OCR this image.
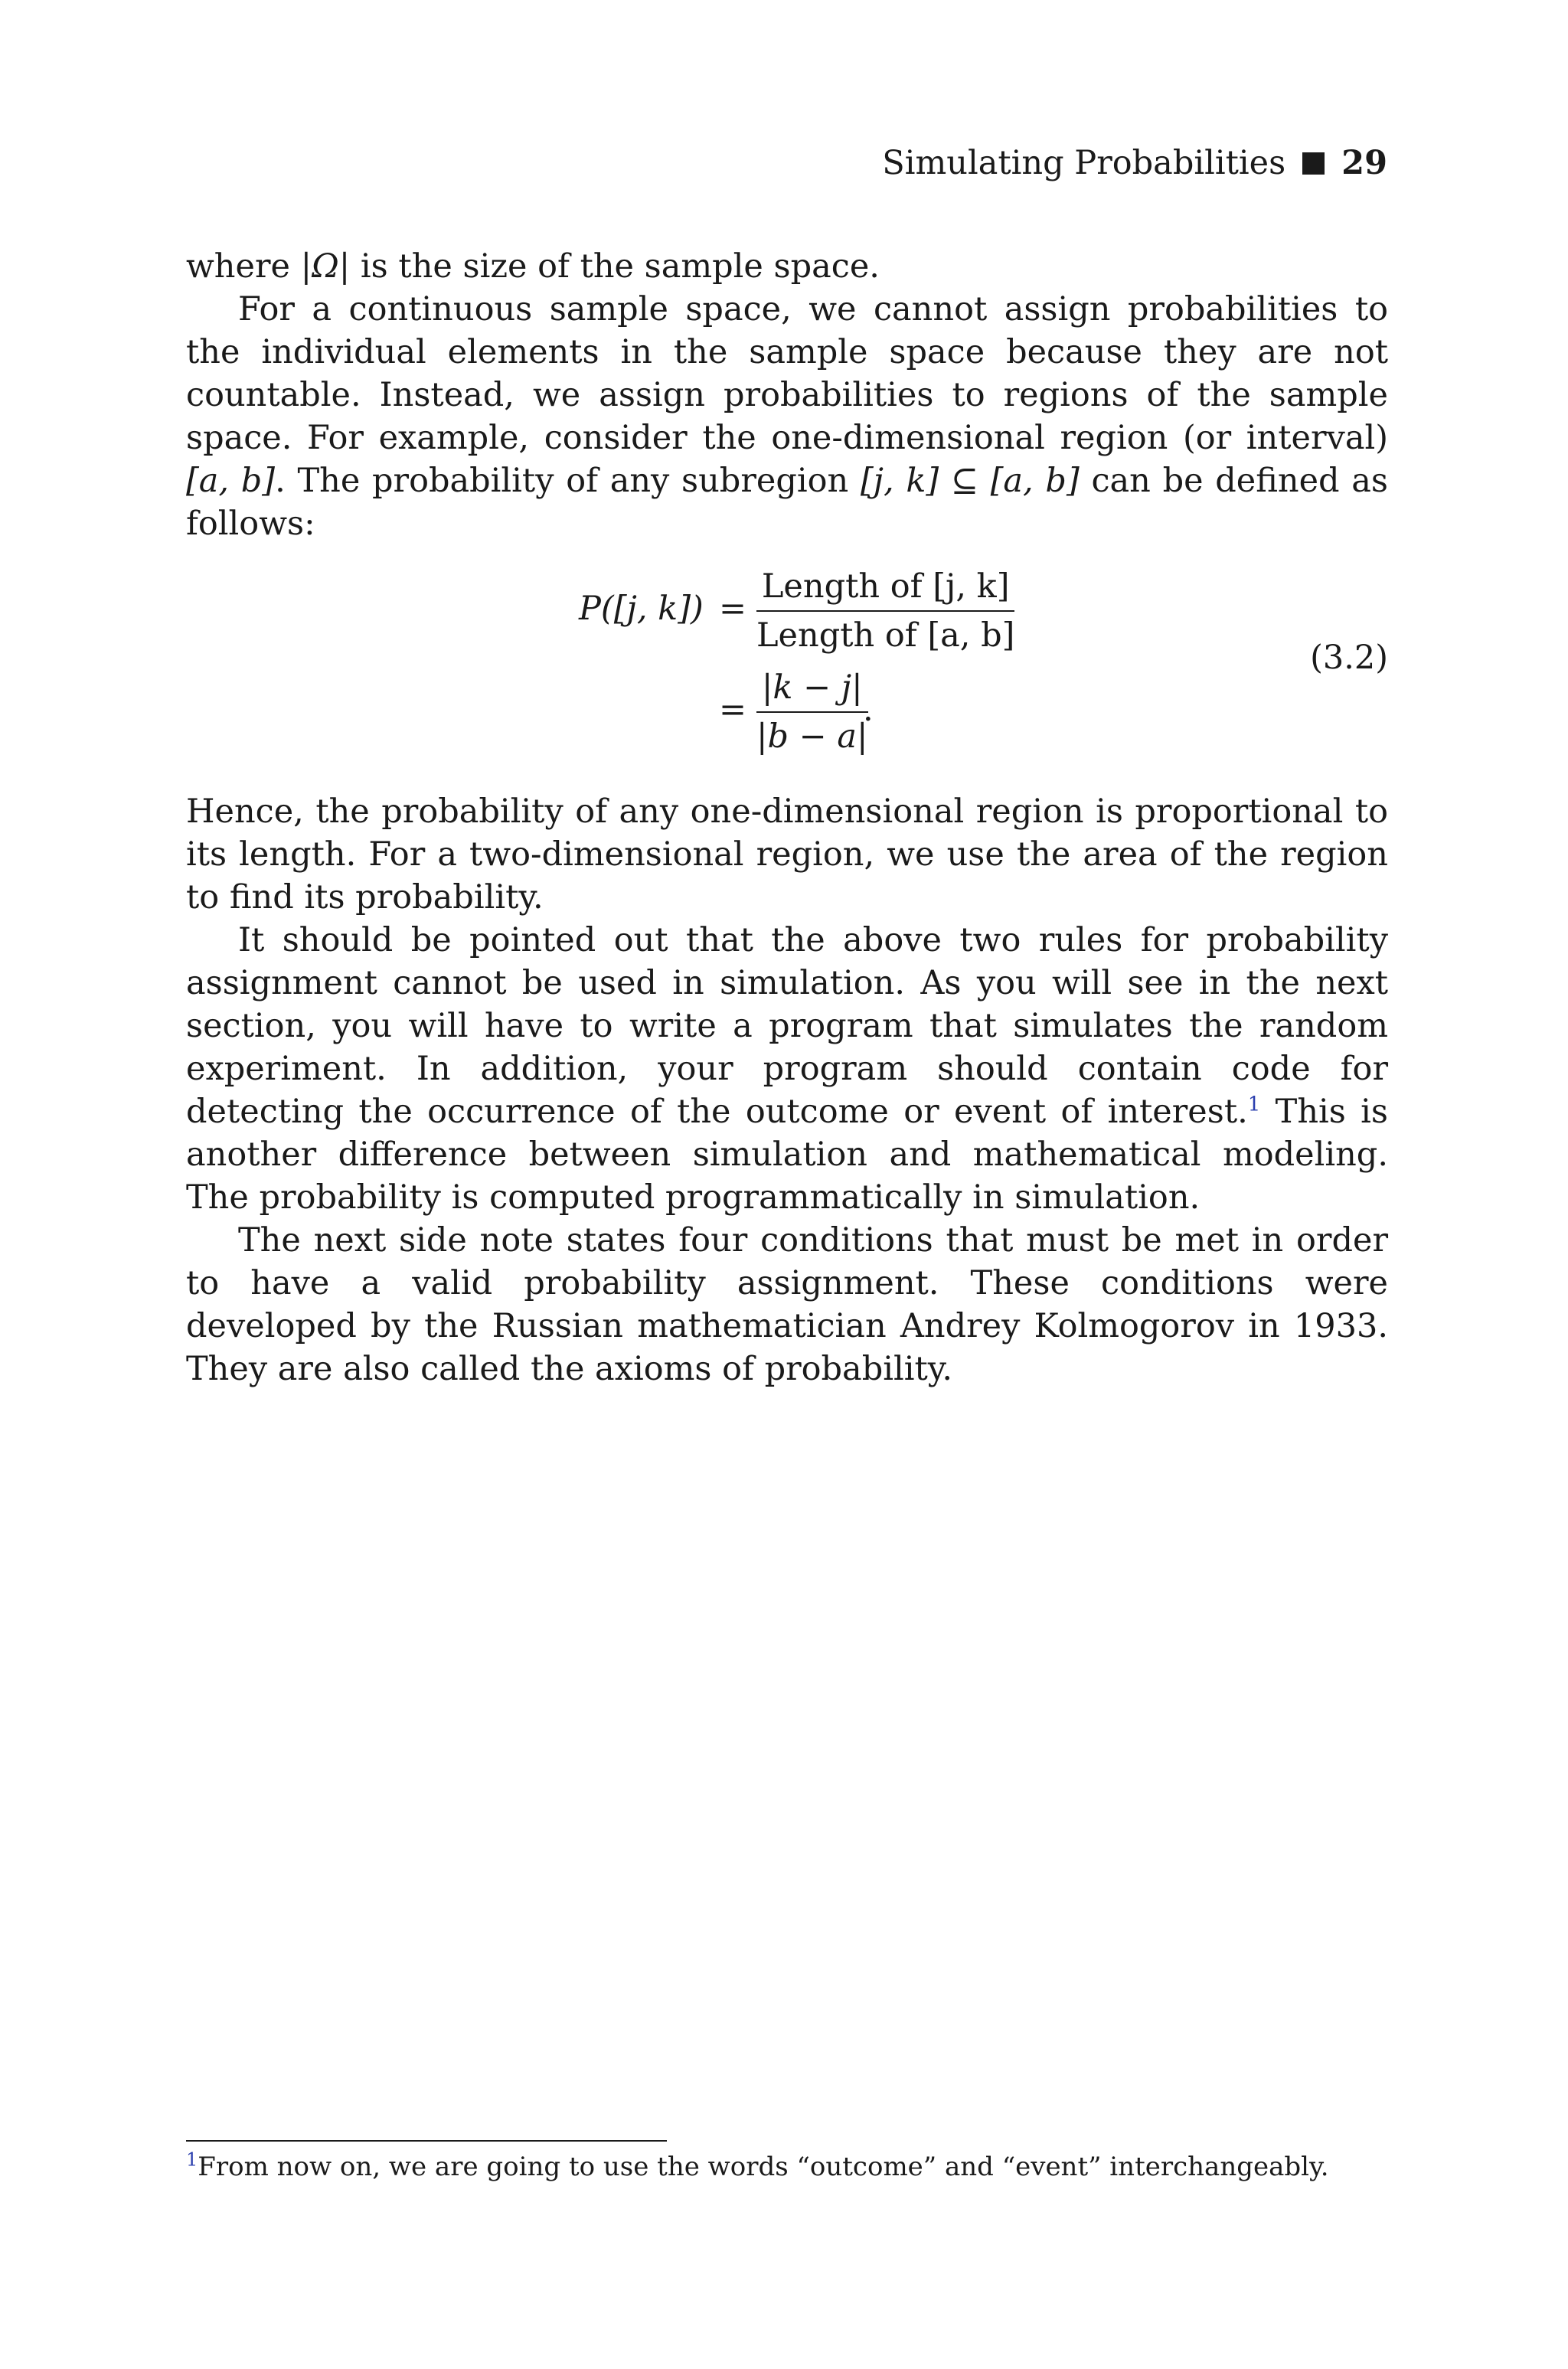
Simulating Probabilities 29

where |Ω| is the size of the sample space.

For a continuous sample space, we cannot assign probabilities to the individual elements in the sample space because they are not countable. Instead, we assign probabilities to regions of the sample space. For example, consider the one-dimensional region (or interval) [a, b]. The probability of any subregion [j, k] ⊆ [a, b] can be defined as follows:

P([j, k]) =
Length of [j, k]
Length of [a, b]
=
|k − j|
|b − a|
.
(3.2)

Hence, the probability of any one-dimensional region is proportional to its length. For a two-dimensional region, we use the area of the region to find its probability.

It should be pointed out that the above two rules for probability assignment cannot be used in simulation. As you will see in the next section, you will have to write a program that simulates the random experiment. In addition, your program should contain code for detecting the occurrence of the outcome or event of interest.$^1$ This is another difference between simulation and mathematical modeling. The probability is computed programmatically in simulation.

The next side note states four conditions that must be met in order to have a valid probability assignment. These conditions were developed by the Russian mathematician Andrey Kolmogorov in 1933. They are also called the axioms of probability.

$^1$From now on, we are going to use the words “outcome” and “event” interchangeably.
